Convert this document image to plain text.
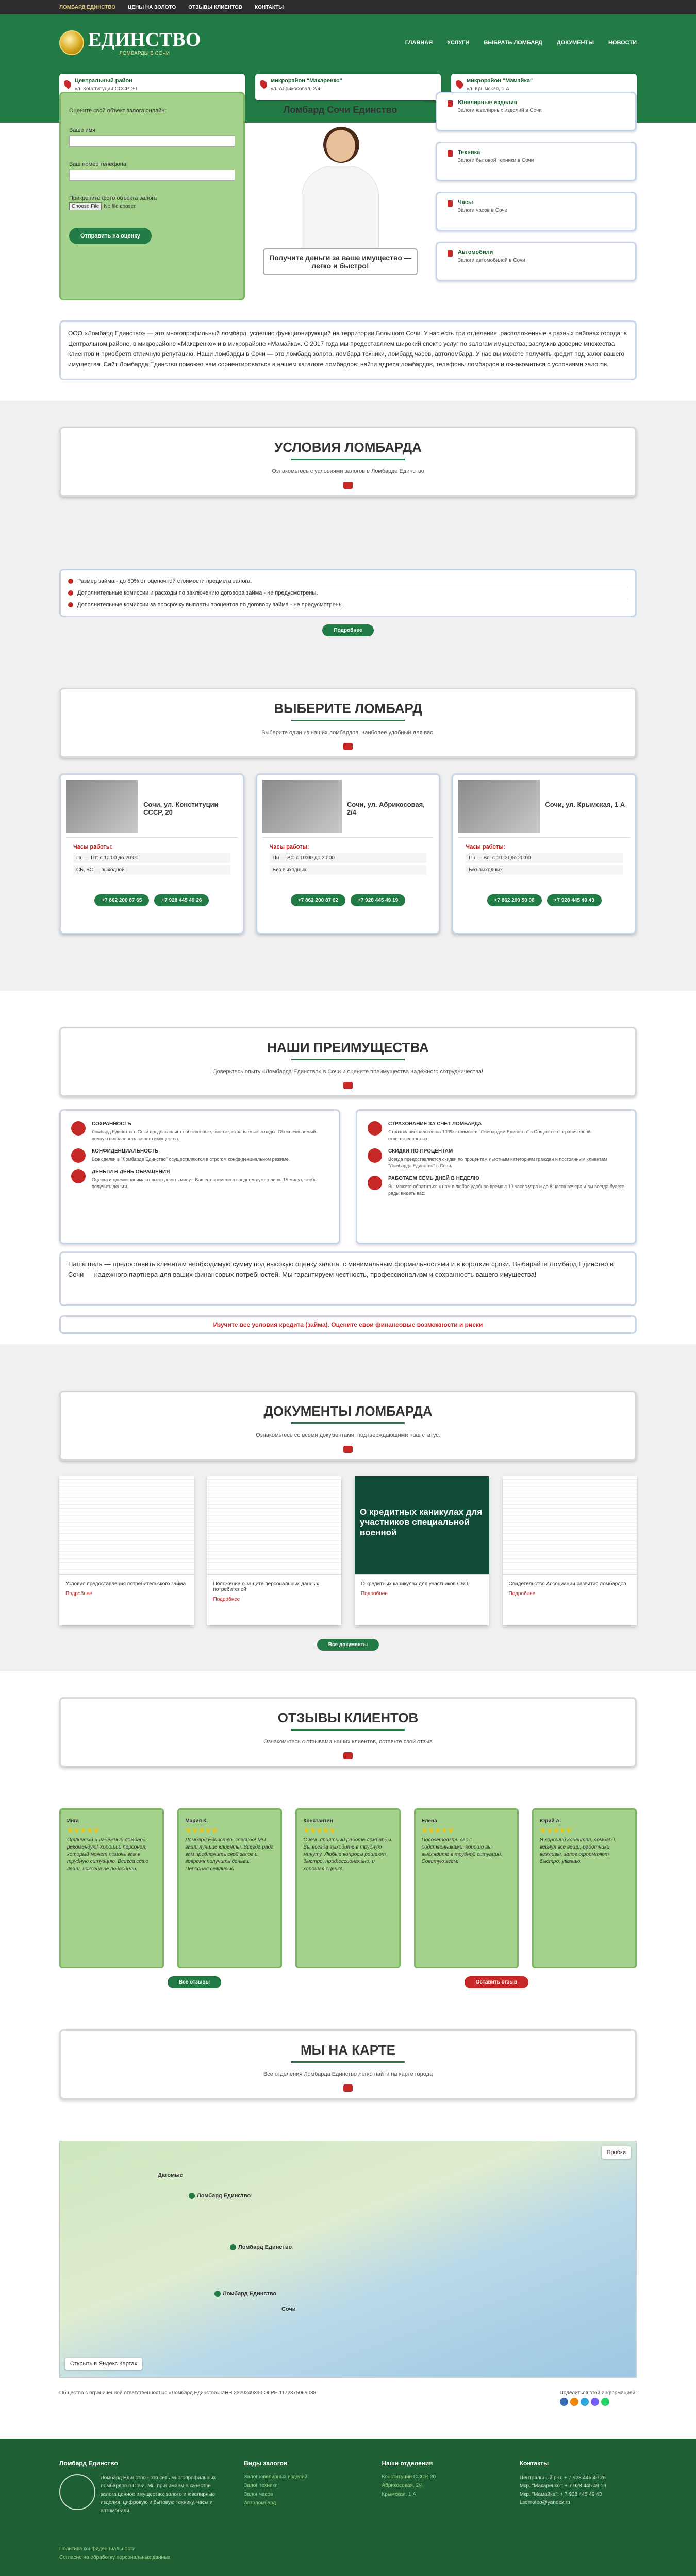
ЛОМБАРД ЕДИНСТВО ЦЕНЫ НА ЗОЛОТО ОТЗЫВЫ КЛИЕНТОВ КОНТАКТЫ
ЕДИНСТВО
ЛОМБАРДЫ В СОЧИ
ГЛАВНАЯ	УСЛУГИ	ВЫБРАТЬ ЛОМБАРД	ДОКУМЕНТЫ	НОВОСТИ
Центральный район
ул. Конституции СССР, 20
микрорайон "Макаренко"
ул. Абрикосовая, 2/4
микрорайон "Мамайка"
ул. Крымская, 1 А

Оцените свой объект залога онлайн:

Ваше имя

Ваш номер телефона

Прикрепите фото объекта залога

Choose File No file chosen
Отправить на оценку
Ломбард Сочи Единство
Получите деньги за ваше имущество — легко и быстро!
Ювелирные изделия
Залоги ювелирных изделий в Сочи
Техника
Залоги бытовой техники в Сочи
Часы
Залоги часов в Сочи
Автомобили
Залоги автомобилей в Сочи
ООО «Ломбард Единство» — это многопрофильный ломбард, успешно функционирующий на территории Большого Сочи. У нас есть три отделения, расположенные в разных районах города: в Центральном районе, в микрорайоне «Макаренко» и в микрорайоне «Мамайка». С 2017 года мы предоставляем широкий спектр услуг по залогам имущества, заслужив доверие множества клиентов и приобретя отличную репутацию. Наши ломбарды в Сочи — это ломбард золота, ломбард техники, ломбард часов, автоломбард. У нас вы можете получить кредит под залог вашего имущества. Сайт Ломбарда Единство поможет вам сориентироваться в нашем каталоге ломбардов: найти адреса ломбардов, телефоны ломбардов и ознакомиться с условиями залогов.
УСЛОВИЯ ЛОМБАРДА

Ознакомьтесь с условиями залогов в Ломбарде Единство

Размер займа - до 80% от оценочной стоимости предмета залога.
Дополнительные комиссии и расходы по заключению договора займа - не предусмотрены.
Дополнительные комиссии за просрочку выплаты процентов по договору займа - не предусмотрены.
Подробнее
ВЫБЕРИТЕ ЛОМБАРД

Выберите один из наших ломбардов, наиболее удобный для вас.

Сочи, ул. Конституции СССР, 20
Часы работы:
Пн — Пт: с 10:00 до 20:00
СБ, ВС — выходной
+7 862 200 87 65	+7 928 445 49 26
Сочи, ул. Абрикосовая, 2/4
Часы работы:
Пн — Вс: с 10:00 до 20:00
Без выходных
+7 862 200 87 62	+7 928 445 49 19
Сочи, ул. Крымская, 1 А
Часы работы:
Пн — Вс: с 10:00 до 20:00
Без выходных
+7 862 200 50 08	+7 928 445 49 43
НАШИ ПРЕИМУЩЕСТВА

Доверьтесь опыту «Ломбарда Единство» в Сочи и оцените преимущества надёжного сотрудничества!

СОХРАННОСТЬ
Ломбард Единство в Сочи предоставляет собственные, чистые, охраняемые склады. Обеспечиваемый полную сохранность вашего имущества.
КОНФИДЕНЦИАЛЬНОСТЬ
Все сделки в "Ломбарде Единство" осуществляются в строгом конфиденциальном режиме.
ДЕНЬГИ В ДЕНЬ ОБРАЩЕНИЯ
Оценка и сделки занимают всего десять минут. Вашего времени в среднем нужно лишь 15 минут, чтобы получить деньги.
СТРАХОВАНИЕ ЗА СЧЕТ ЛОМБАРДА
Страхование залогов на 100% стоимости "Ломбардом Единство" в Обществе с ограниченной ответственностью.
СКИДКИ ПО ПРОЦЕНТАМ
Всегда предоставляется скидки по процентам льготным категориям граждан и постоянным клиентам "Ломбарда Единство" в Сочи.
РАБОТАЕМ СЕМЬ ДНЕЙ В НЕДЕЛЮ
Вы можете обратиться к нам в любое удобное время с 10 часов утра и до 8 часов вечера и вы всегда будете рады видеть вас.
Наша цель — предоставить клиентам необходимую сумму под высокую оценку залога, с минимальным формальностями и в короткие сроки. Выбирайте Ломбард Единство в Сочи — надежного партнера для ваших финансовых потребностей. Мы гарантируем честность, профессионализм и сохранность вашего имущества!
Изучите все условия кредита (займа). Оцените свои финансовые возможности и риски
ДОКУМЕНТЫ ЛОМБАРДА

Ознакомьтесь со всеми документами, подтверждающими наш статус.

Условия предоставления потребительского займа

Подробнее

Положение о защите персональных данных потребителей

Подробнее
О кредитных каникулах для участников специальной военной

О кредитных каникулах для участников СВО

Подробнее

Свидетельство Ассоциации развития ломбардов

Подробнее
Все документы
ОТЗЫВЫ КЛИЕНТОВ

Ознакомьтесь с отзывами наших клиентов, оставьте свой отзыв

Инга
★★★★★

Отличный и надёжный ломбард, рекомендую! Хороший персонал, который может помочь вам в трудную ситуацию. Всегда сдаю вещи, никогда не подводили.

Мария К.
★★★★★

Ломбард Единство, спасибо! Мы ваши лучшие клиенты. Всегда рада вам предложить свой залог и вовремя получить деньги. Персонал вежливый.

Константин
★★★★★

Очень приятный работе ломбарды. Вы всегда выходите в трудную минуту. Любые вопросы решают быстро, профессионально, и хорошая оценка.

Елена
★★★★★

Посоветовать вас с родственниками, хорошо вы выглядите в трудной ситуации. Советую всем!

Юрий А.
★★★★★

Я хороший клиентов, ломбард, вернул все вещи, работники вежливы, залог оформляют быстро, уважаю.

Все отзывы	Оставить отзыв
МЫ НА КАРТЕ

Все отделения Ломбарда Единство легко найти на карте города

Дагомыс
Ломбард Единство
Ломбард Единство
Ломбард Единство
Сочи
Пробки
Открыть в Яндекс Картах
Общество с ограниченной ответственностью «Ломбард Единство» ИНН 2320249390 ОГРН 1172375069038	Поделиться этой информацией:
Ломбард Единство

Ломбард Единство - это сеть многопрофильных ломбардов в Сочи. Мы принимаем в качестве залога ценное имущество: золото и ювелирные изделия, цифровую и бытовую технику, часы и автомобили.

Политика конфиденциальности
Согласие на обработку персональных данных
Виды залогов
Залог ювелирных изделий
Залог техники
Залог часов
Автоломбард
Наши отделения
Конституции СССР, 20
Абрикосовая, 2/4
Крымская, 1 А
Контакты

Центральный р-н: + 7 928 445 49 26

Мкр. "Макаренко": + 7 928 445 49 19

Мкр. "Мамайка": + 7 928 445 49 43

Lsdmoteo@yandex.ru
